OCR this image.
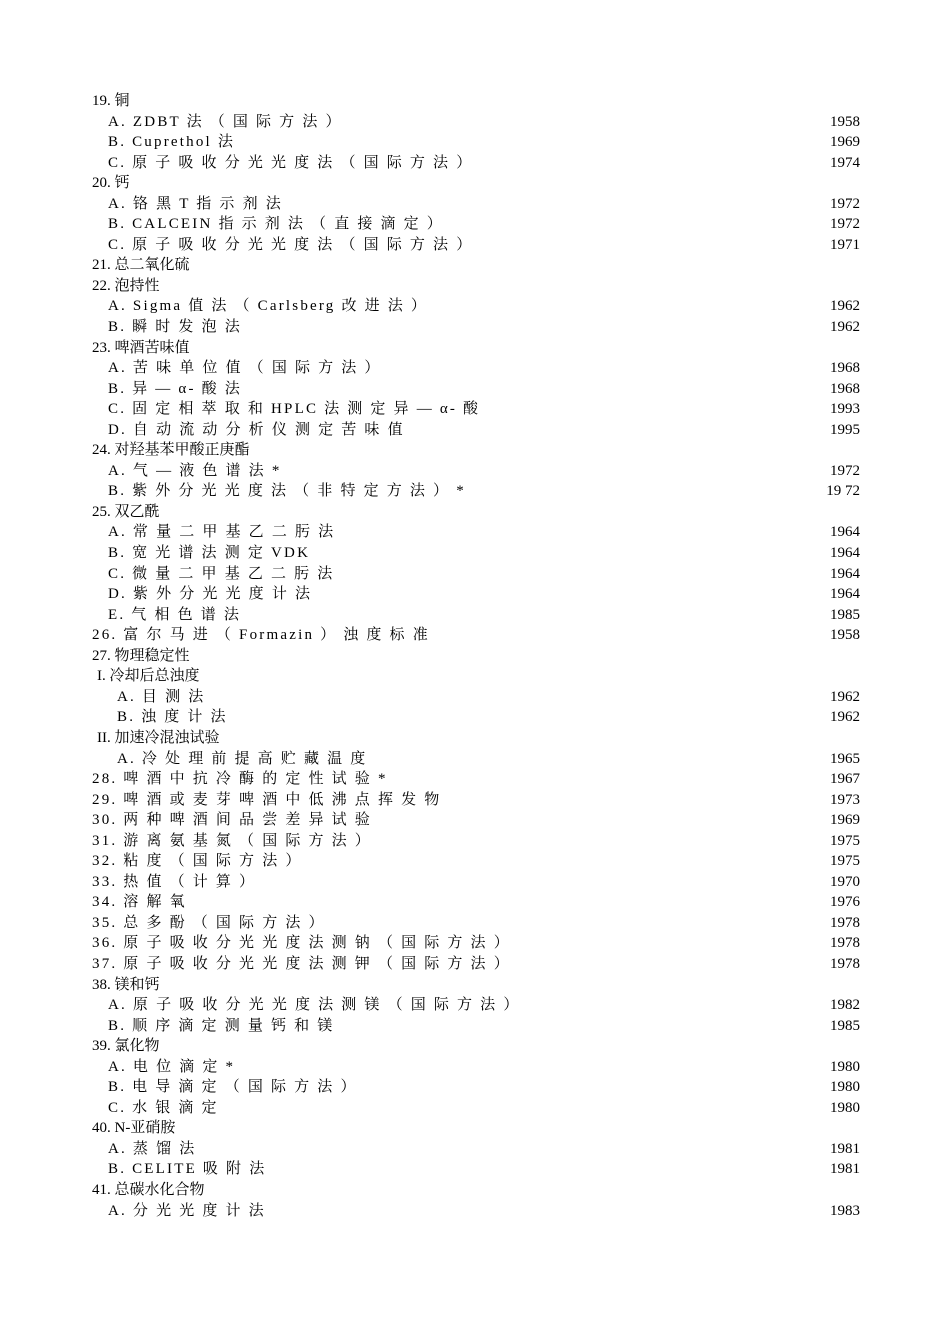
19. 铜
A. ZDBT 法 （ 国 际 方 法 ）	1958
B. Cuprethol 法	1969
C. 原 子 吸 收 分 光 光 度 法 （ 国 际 方 法 ）	1974
20. 钙
A. 铬 黑 T 指 示 剂 法	1972
B. CALCEIN 指 示 剂 法 （ 直 接 滴 定 ）	1972
C. 原 子 吸 收 分 光 光 度 法 （ 国 际 方 法 ）	1971
21. 总二氧化硫
22. 泡持性
A. Sigma 值 法 （ Carlsberg 改 进 法 ）	1962
B. 瞬 时 发 泡 法	1962
23. 啤酒苦味值
A. 苦 味 单 位 值 （ 国 际 方 法 ）	1968
B. 异 — α- 酸 法	1968
C. 固 定 相 萃 取 和 HPLC 法 测 定 异 — α- 酸	1993
D. 自 动 流 动 分 析 仪 测 定 苦 味 值	1995
24. 对羟基苯甲酸正庚酯
A. 气 — 液 色 谱 法 *	1972
B. 紫 外 分 光 光 度 法 （ 非 特 定 方 法 ） *	19 72
25. 双乙酰
A. 常 量 二 甲 基 乙 二 肟 法	1964
B. 宽 光 谱 法 测 定 VDK	1964
C. 微 量 二 甲 基 乙 二 肟 法	1964
D. 紫 外 分 光 光 度 计 法	1964
E. 气 相 色 谱 法	1985
26. 富 尔 马 进 （ Formazin ） 浊 度 标 准	1958
27. 物理稳定性
I. 冷却后总浊度
A. 目 测 法	1962
B. 浊 度 计 法	1962
II. 加速冷混浊试验
A. 冷 处 理 前 提 高 贮 藏 温 度	1965
28. 啤 酒 中 抗 冷 酶 的 定 性 试 验 *	1967
29. 啤 酒 或 麦 芽 啤 酒 中 低 沸 点 挥 发 物	1973
30. 两 种 啤 酒 间 品 尝 差 异 试 验	1969
31. 游 离 氨 基 氮 （ 国 际 方 法 ）	1975
32. 粘 度 （ 国 际 方 法 ）	1975
33. 热 值 （ 计 算 ）	1970
34. 溶 解 氧	1976
35. 总 多 酚 （ 国 际 方 法 ）	1978
36. 原 子 吸 收 分 光 光 度 法 测 钠 （ 国 际 方 法 ）	1978
37. 原 子 吸 收 分 光 光 度 法 测 钾 （ 国 际 方 法 ）	1978
38. 镁和钙
A. 原 子 吸 收 分 光 光 度 法 测 镁 （ 国 际 方 法 ）	1982
B. 顺 序 滴 定 测 量 钙 和 镁	1985
39. 氯化物
A. 电 位 滴 定 *	1980
B. 电 导 滴 定 （ 国 际 方 法 ）	1980
C. 水 银 滴 定	1980
40. N-亚硝胺
A. 蒸 馏 法	1981
B. CELITE 吸 附 法	1981
41. 总碳水化合物
A. 分 光 光 度 计 法	1983
